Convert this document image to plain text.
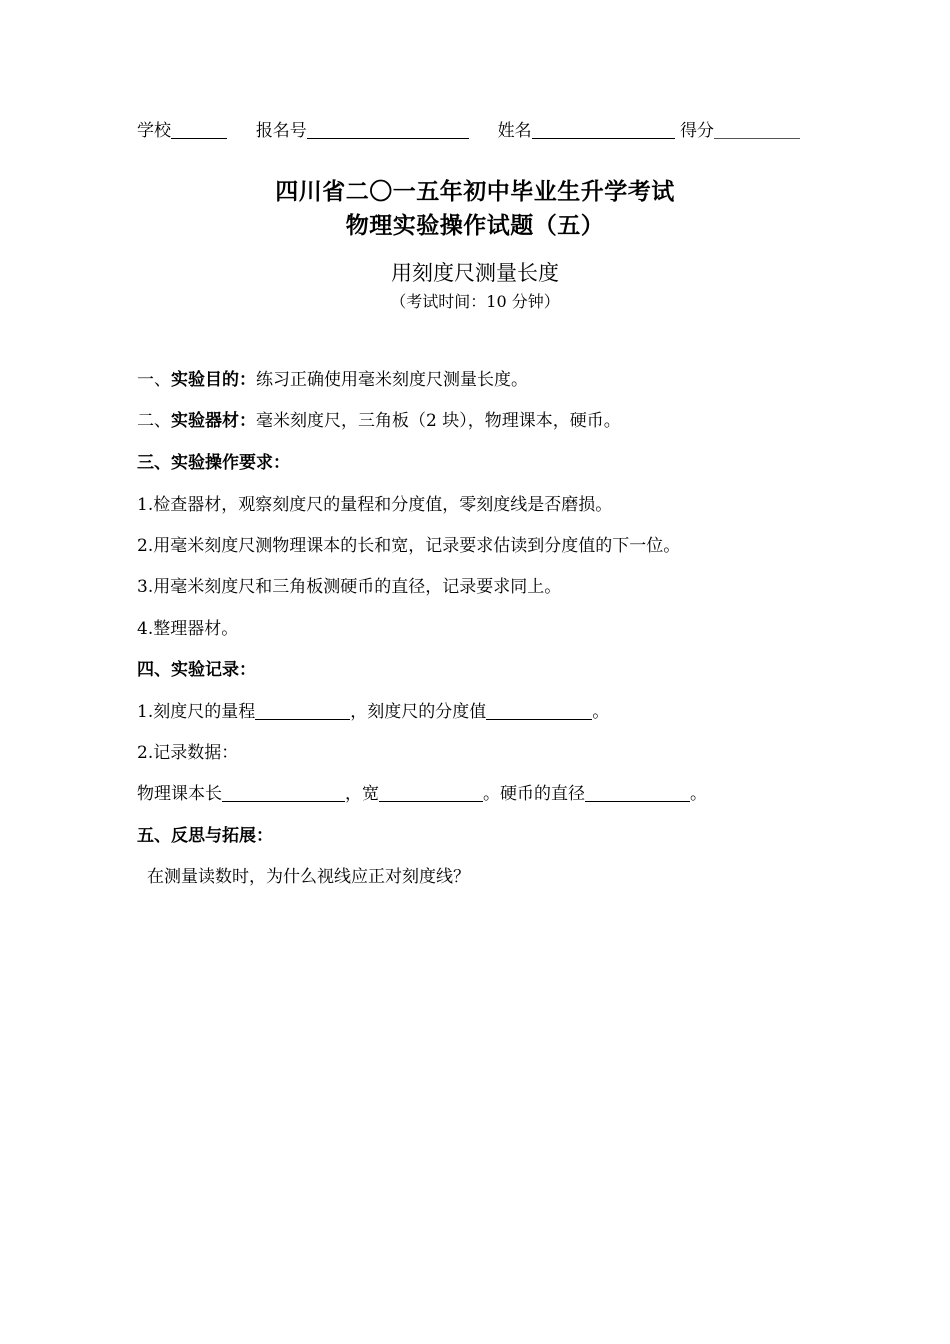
学校	报名号	姓名	得分
四川省二〇一五年初中毕业生升学考试
物理实验操作试题（五）
用刻度尺测量长度
（考试时间：10 分钟）
一、实验目的：练习正确使用毫米刻度尺测量长度。
二、实验器材：毫米刻度尺，三角板（2 块），物理课本，硬币。
三、实验操作要求：
1.检查器材，观察刻度尺的量程和分度值，零刻度线是否磨损。
2.用毫米刻度尺测物理课本的长和宽，记录要求估读到分度值的下一位。
3.用毫米刻度尺和三角板测硬币的直径，记录要求同上。
4.整理器材。
四、实验记录：
1.刻度尺的量程	，刻度尺的分度值	。
2.记录数据：
物理课本长	，宽	。硬币的直径	。
五、反思与拓展：
在测量读数时，为什么视线应正对刻度线？
